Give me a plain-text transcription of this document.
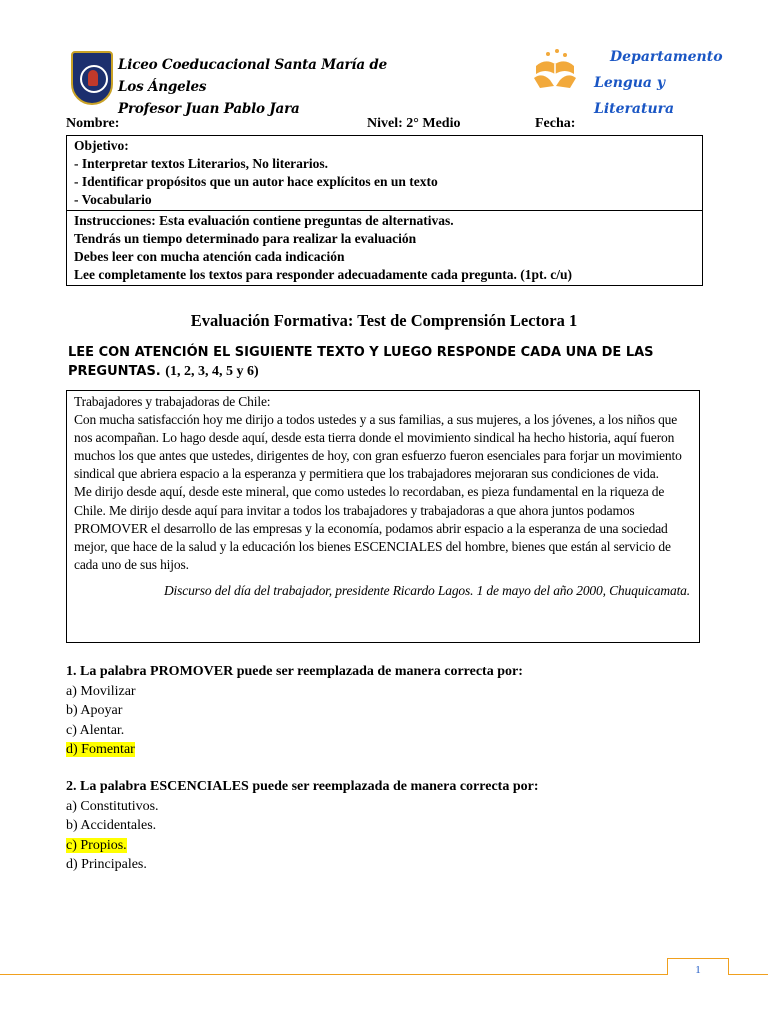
Liceo Coeducacional Santa María de Los Ángeles
Profesor Juan Pablo Jara
Departamento
Lengua y Literatura
Nombre:	Nivel: 2° Medio	Fecha:
Objetivo:
- Interpretar textos Literarios, No literarios.
- Identificar propósitos que un autor hace explícitos en un texto
- Vocabulario
Instrucciones: Esta evaluación contiene preguntas de alternativas.
Tendrás un tiempo determinado para realizar la evaluación
Debes leer con mucha atención cada indicación
Lee completamente los textos para responder adecuadamente cada pregunta. (1pt. c/u)
Evaluación Formativa: Test de Comprensión Lectora 1
LEE CON ATENCIÓN EL SIGUIENTE TEXTO Y LUEGO RESPONDE CADA UNA DE LAS PREGUNTAS. (1, 2, 3, 4, 5 y 6)

Trabajadores y trabajadoras de Chile:

Con mucha satisfacción hoy me dirijo a todos ustedes y a sus familias, a sus mujeres, a los jóvenes, a los niños que nos acompañan. Lo hago desde aquí, desde esta tierra donde el movimiento sindical ha hecho historia, aquí fueron muchos los que antes que ustedes, dirigentes de hoy, con gran esfuerzo fueron esenciales para forjar un movimiento sindical que abriera espacio a la esperanza y permitiera que los trabajadores mejoraran sus condiciones de vida.

Me dirijo desde aquí, desde este mineral, que como ustedes lo recordaban, es pieza fundamental en la riqueza de Chile. Me dirijo desde aquí para invitar a todos los trabajadores y trabajadoras a que ahora juntos podamos PROMOVER el desarrollo de las empresas y la economía, podamos abrir espacio a la esperanza de una sociedad mejor, que hace de la salud y la educación los bienes ESCENCIALES del hombre, bienes que están al servicio de cada uno de sus hijos.

Discurso del día del trabajador, presidente Ricardo Lagos. 1 de mayo del año 2000, Chuquicamata.

1. La palabra PROMOVER puede ser reemplazada de manera correcta por:
a) Movilizar
b) Apoyar
c) Alentar.
d) Fomentar
2. La palabra ESCENCIALES puede ser reemplazada de manera correcta por:
a) Constitutivos.
b) Accidentales.
c) Propios.
d) Principales.
1
